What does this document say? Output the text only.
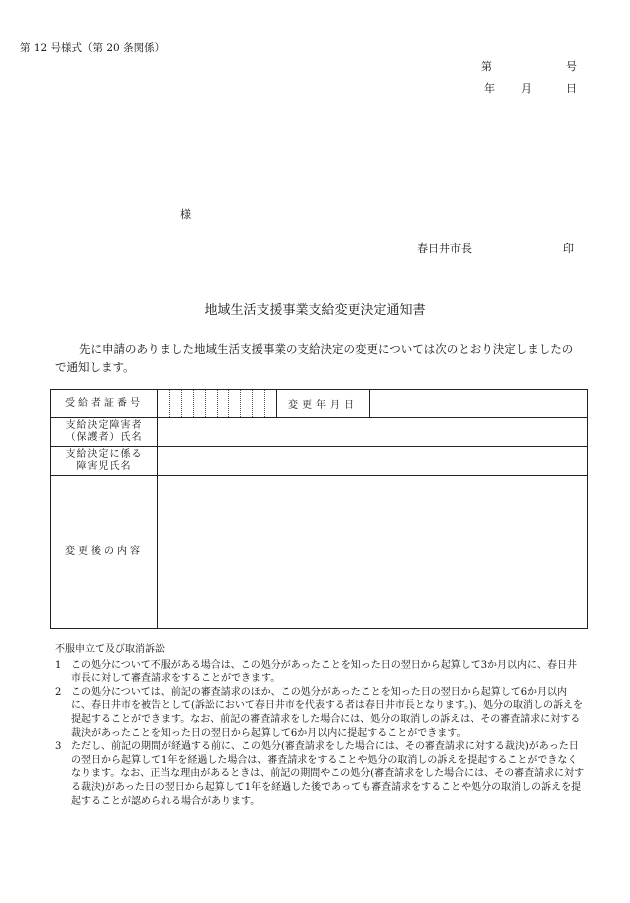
第 12 号様式（第 20 条関係）
第	号
年 月	日
様
春日井市長	印
地域生活支援事業支給変更決定通知書
先に申請のありました地域生活支援事業の支給決定の変更については次のとおり決定しましたので通知します。
受給者証番号		変更年月日	

支給決定障害者
（保護者）氏名			

支給決定に係る
障害児氏名			

変更後の内容			
不服申立て及び取消訴訟
1 この処分について不服がある場合は、この処分があったことを知った日の翌日から起算して3か月以内に、春日井市長に対して審査請求をすることができます。
2 この処分については、前記の審査請求のほか、この処分があったことを知った日の翌日から起算して6か月以内に、春日井市を被告として(訴訟において春日井市を代表する者は春日井市長となります。)、処分の取消しの訴えを提起することができます。なお、前記の審査請求をした場合には、処分の取消しの訴えは、その審査請求に対する裁決があったことを知った日の翌日から起算して6か月以内に提起することができます。
3 ただし、前記の期間が経過する前に、この処分(審査請求をした場合には、その審査請求に対する裁決)があった日の翌日から起算して1年を経過した場合は、審査請求をすることや処分の取消しの訴えを提起することができなくなります。なお、正当な理由があるときは、前記の期間やこの処分(審査請求をした場合には、その審査請求に対する裁決)があった日の翌日から起算して1年を経過した後であっても審査請求をすることや処分の取消しの訴えを提起することが認められる場合があります。
